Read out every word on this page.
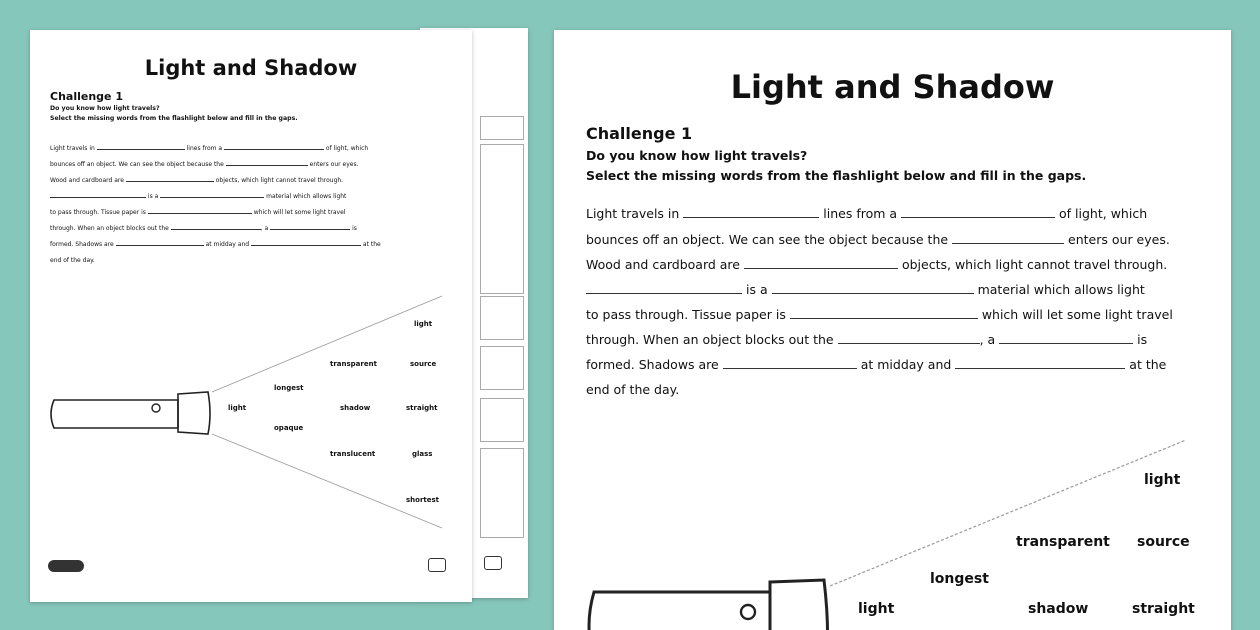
Light and Shadow
Challenge 1
Do you know how light travels?
Select the missing words from the flashlight below and fill in the gaps.
Light travels in	lines from a	of light, which
bounces off an object. We can see the object because the	enters our eyes.
Wood and cardboard are	objects, which light cannot travel through.
is a	material which allows light
to pass through. Tissue paper is	which will let some light travel
through. When an object blocks out the	, a	is
formed. Shadows are	at midday and	at the
end of the day.
light
transparent	source
longest
light	shadow	straight
opaque
translucent	glass
shortest
Light and Shadow
Challenge 1
Do you know how light travels?
Select the missing words from the flashlight below and fill in the gaps.
Light travels in	lines from a	of light, which
bounces off an object. We can see the object because the	enters our eyes.
Wood and cardboard are	objects, which light cannot travel through.
is a	material which allows light
to pass through. Tissue paper is	which will let some light travel
through. When an object blocks out the	, a	is
formed. Shadows are	at midday and	at the
end of the day.
light
transparent source
longest
light	shadow	straight
